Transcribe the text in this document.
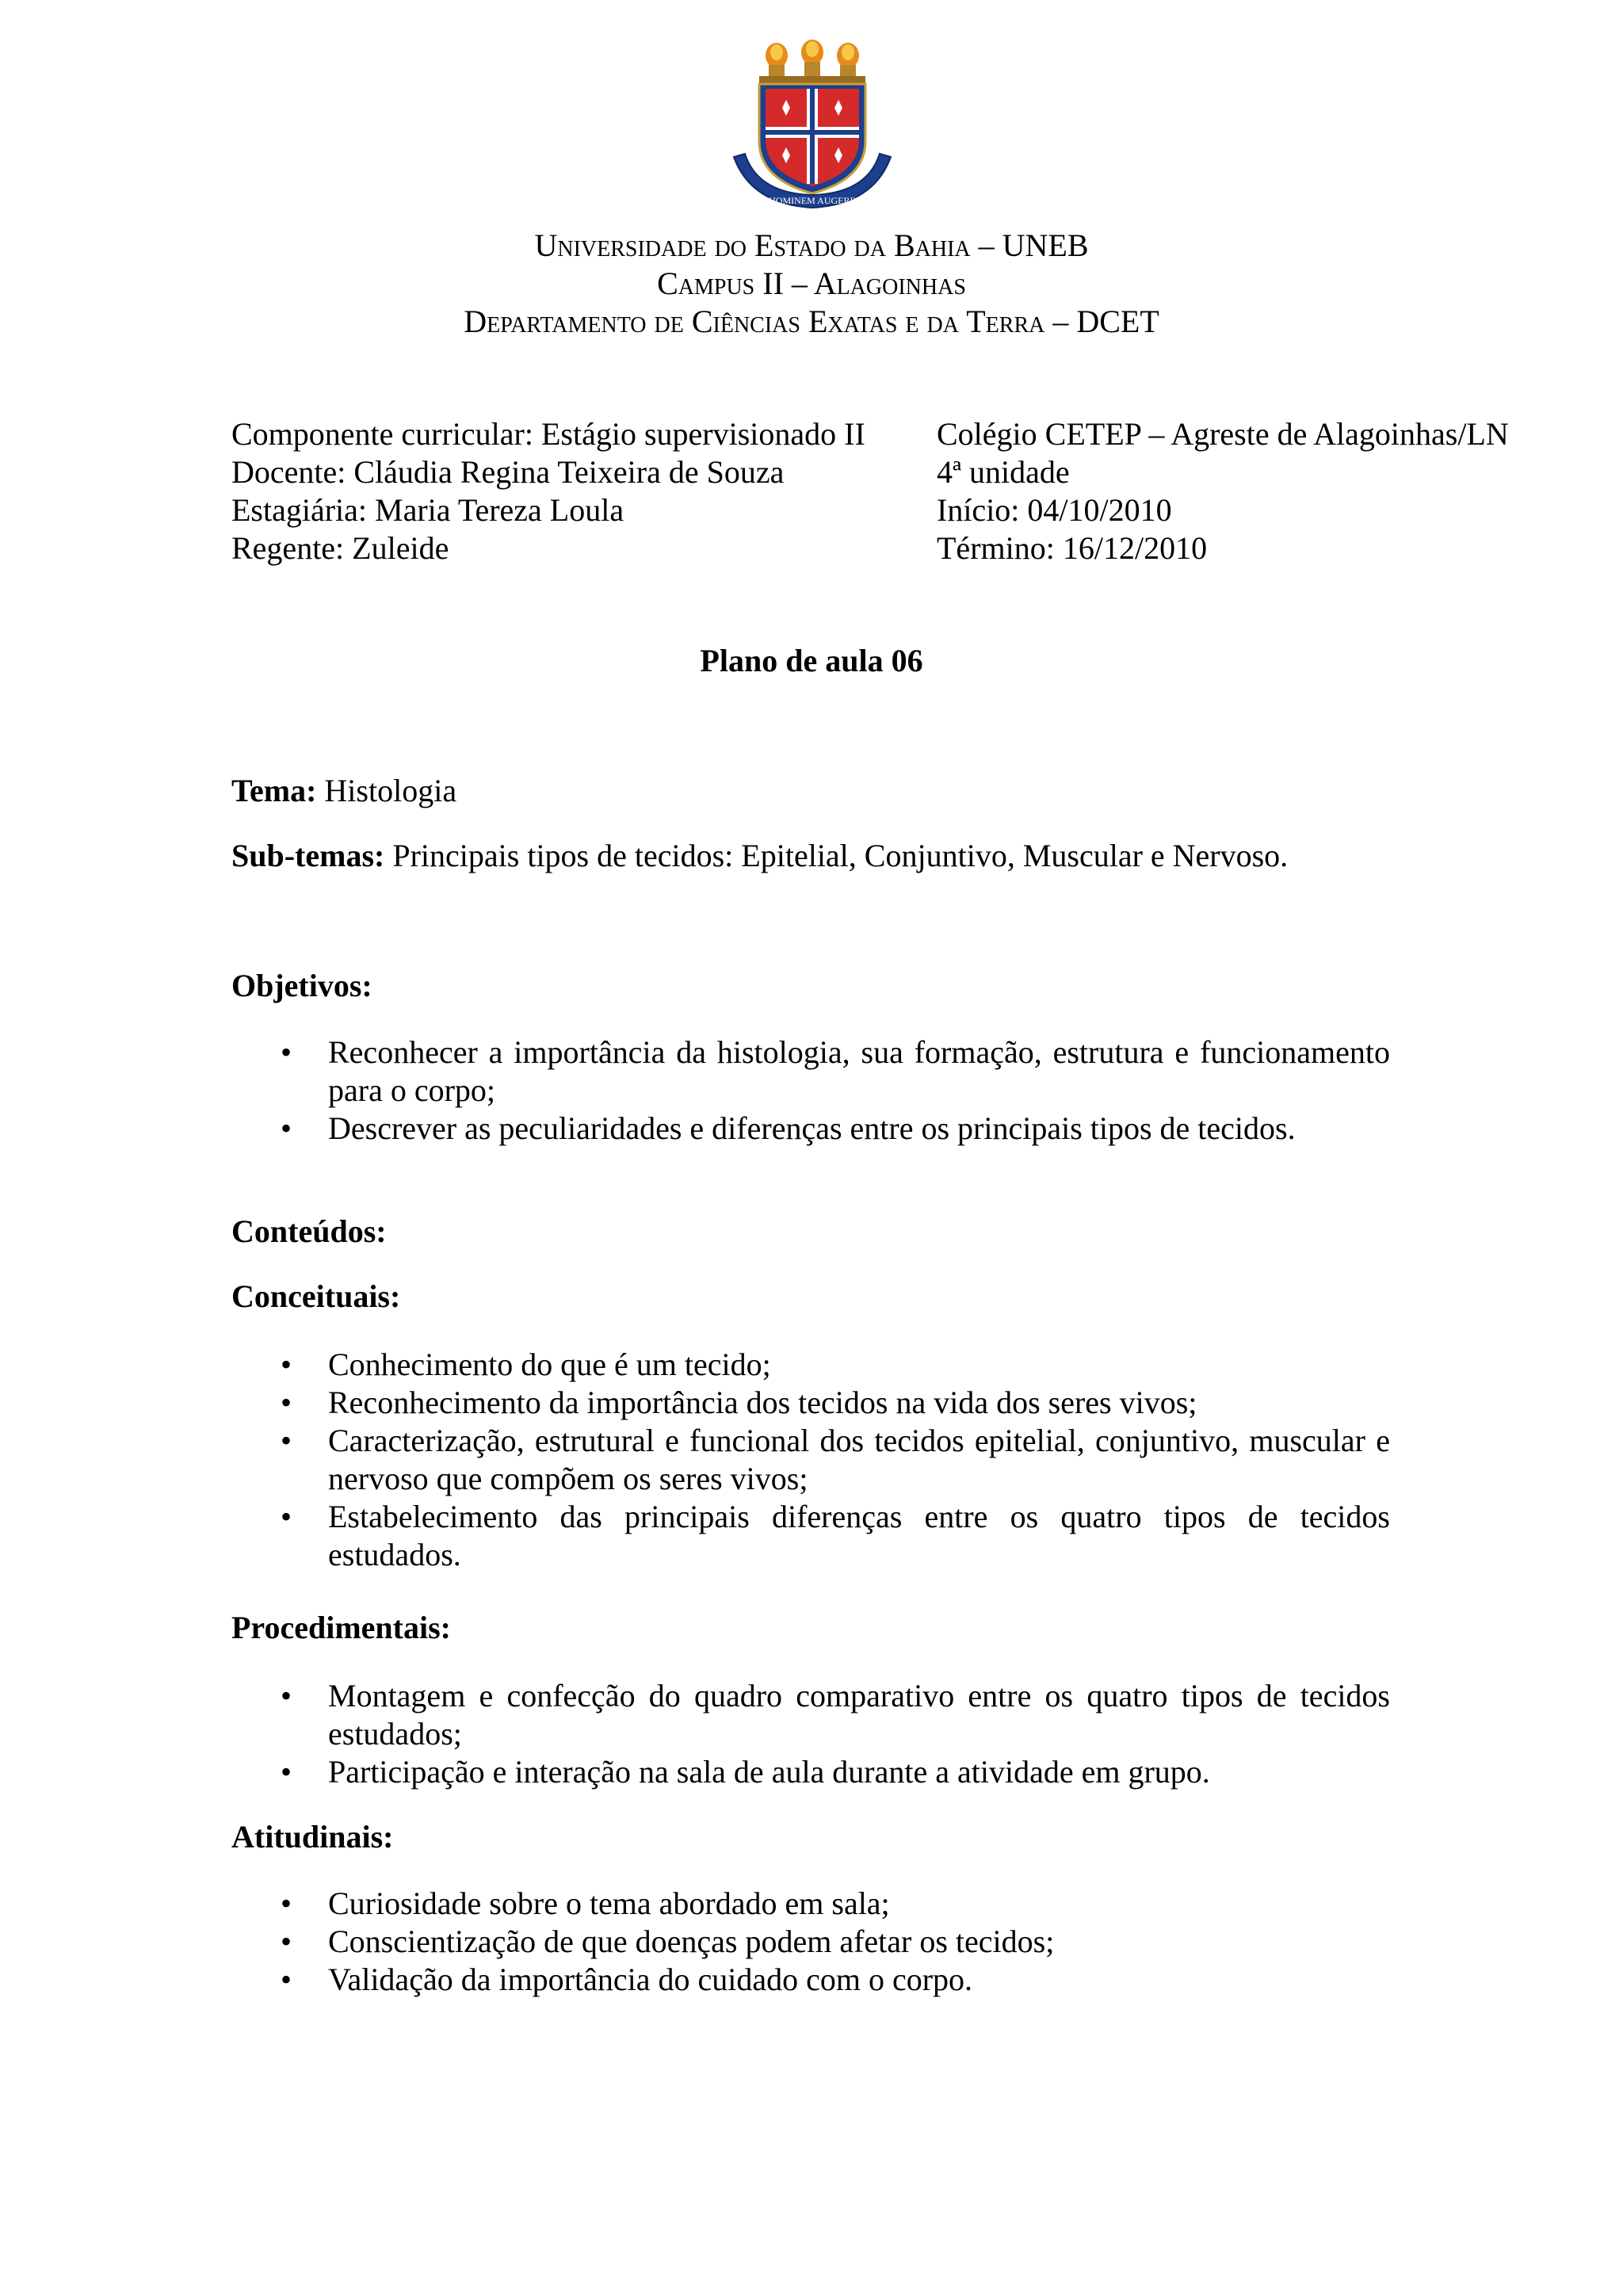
HOMINEM AUGERE
Universidade do Estado da Bahia – UNEB
Campus II – Alagoinhas
Departamento de Ciências Exatas e da Terra – DCET
Componente curricular: Estágio supervisionado II
Docente: Cláudia Regina Teixeira de Souza
Estagiária: Maria Tereza Loula
Regente: Zuleide
Colégio CETEP – Agreste de Alagoinhas/LN
4ª unidade
Início: 04/10/2010
Término: 16/12/2010
Plano de aula 06
Tema: Histologia
Sub-temas: Principais tipos de tecidos: Epitelial, Conjuntivo, Muscular e Nervoso.
Objetivos:
• Reconhecer a importância da histologia, sua formação, estrutura e funcionamento para o corpo;
• Descrever as peculiaridades e diferenças entre os principais tipos de tecidos.
Conteúdos:
Conceituais:
• Conhecimento do que é um tecido;
• Reconhecimento da importância dos tecidos na vida dos seres vivos;
• Caracterização, estrutural e funcional dos tecidos epitelial, conjuntivo, muscular e nervoso que compõem os seres vivos;
• Estabelecimento das principais diferenças entre os quatro tipos de tecidos estudados.
Procedimentais:
• Montagem e confecção do quadro comparativo entre os quatro tipos de tecidos estudados;
• Participação e interação na sala de aula durante a atividade em grupo.
Atitudinais:
• Curiosidade sobre o tema abordado em sala;
• Conscientização de que doenças podem afetar os tecidos;
• Validação da importância do cuidado com o corpo.
